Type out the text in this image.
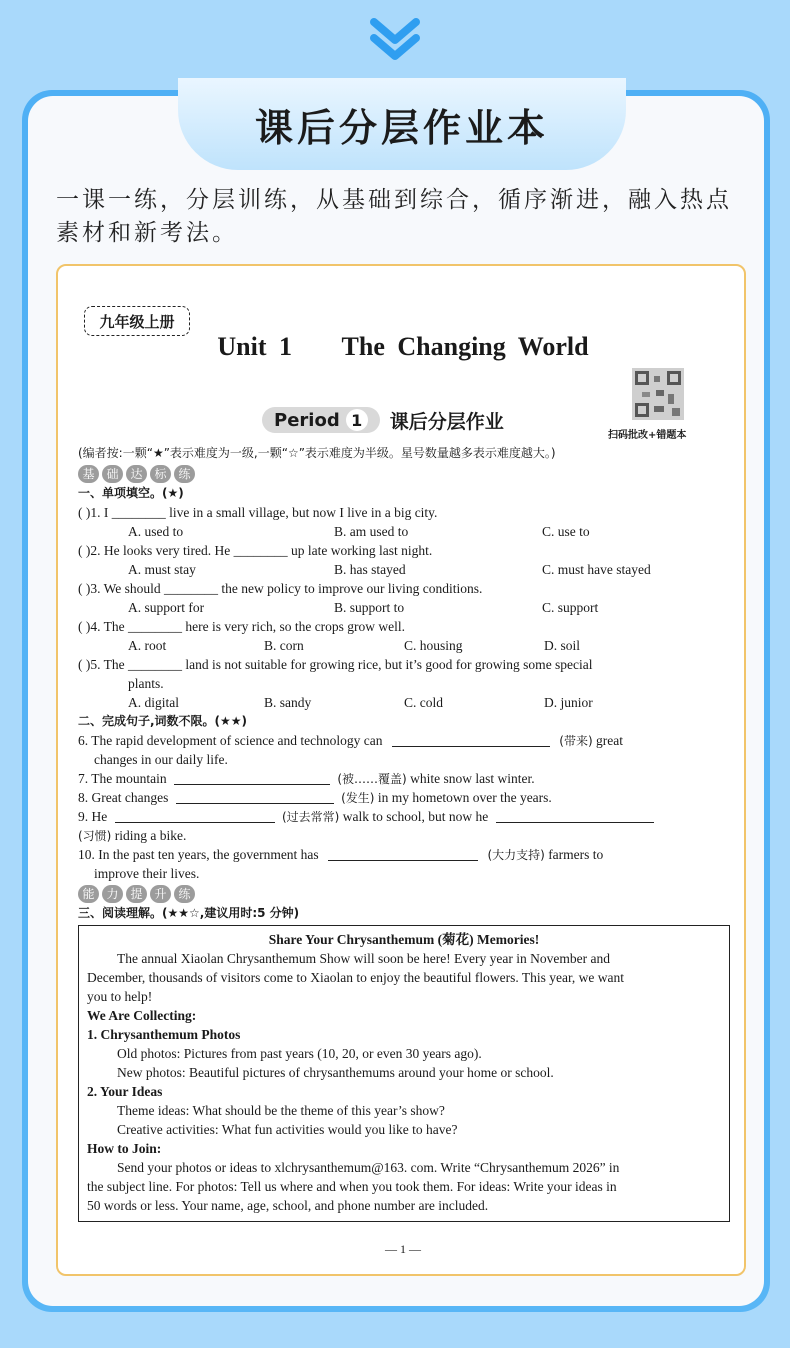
课后分层作业本
一课一练，分层训练，从基础到综合，循序渐进，融入热点素材和新考法。
九年级上册
Unit 1    The Changing World
扫码批改+错题本
Period 1 课后分层作业
(编者按:一颗“★”表示难度为一级,一颗“☆”表示难度为半级。星号数量越多表示难度越大。)
基 础 达 标 练
一、单项填空。(★)
( )1. I ________ live in a small village, but now I live in a big city.
A. used to	B. am used to	C. use to
( )2. He looks very tired. He ________ up late working last night.
A. must stay	B. has stayed	C. must have stayed
( )3. We should ________ the new policy to improve our living conditions.
A. support for	B. support to	C. support
( )4. The ________ here is very rich, so the crops grow well.
A. root	B. corn	C. housing	D. soil
( )5. The ________ land is not suitable for growing rice, but it’s good for growing some special
plants.
A. digital	B. sandy	C. cold	D. junior
二、完成句子,词数不限。(★★)
6. The rapid development of science and technology can	(带来) great
changes in our daily life.
7. The mountain	(被……覆盖) white snow last winter.
8. Great changes	(发生) in my hometown over the years.
9. He	(过去常常) walk to school, but now he
(习惯) riding a bike.
10. In the past ten years, the government has	(大力支持) farmers to
improve their lives.
能 力 提 升 练
三、阅读理解。(★★☆,建议用时:5 分钟)
Share Your Chrysanthemum (菊花) Memories!
The annual Xiaolan Chrysanthemum Show will soon be here! Every year in November and
December, thousands of visitors come to Xiaolan to enjoy the beautiful flowers. This year, we want
you to help!
We Are Collecting:
1. Chrysanthemum Photos
Old photos: Pictures from past years (10, 20, or even 30 years ago).
New photos: Beautiful pictures of chrysanthemums around your home or school.
2. Your Ideas
Theme ideas: What should be the theme of this year’s show?
Creative activities: What fun activities would you like to have?
How to Join:
Send your photos or ideas to xlchrysanthemum@163. com. Write “Chrysanthemum 2026” in
the subject line. For photos: Tell us where and when you took them. For ideas: Write your ideas in
50 words or less. Your name, age, school, and phone number are included.
— 1 —
